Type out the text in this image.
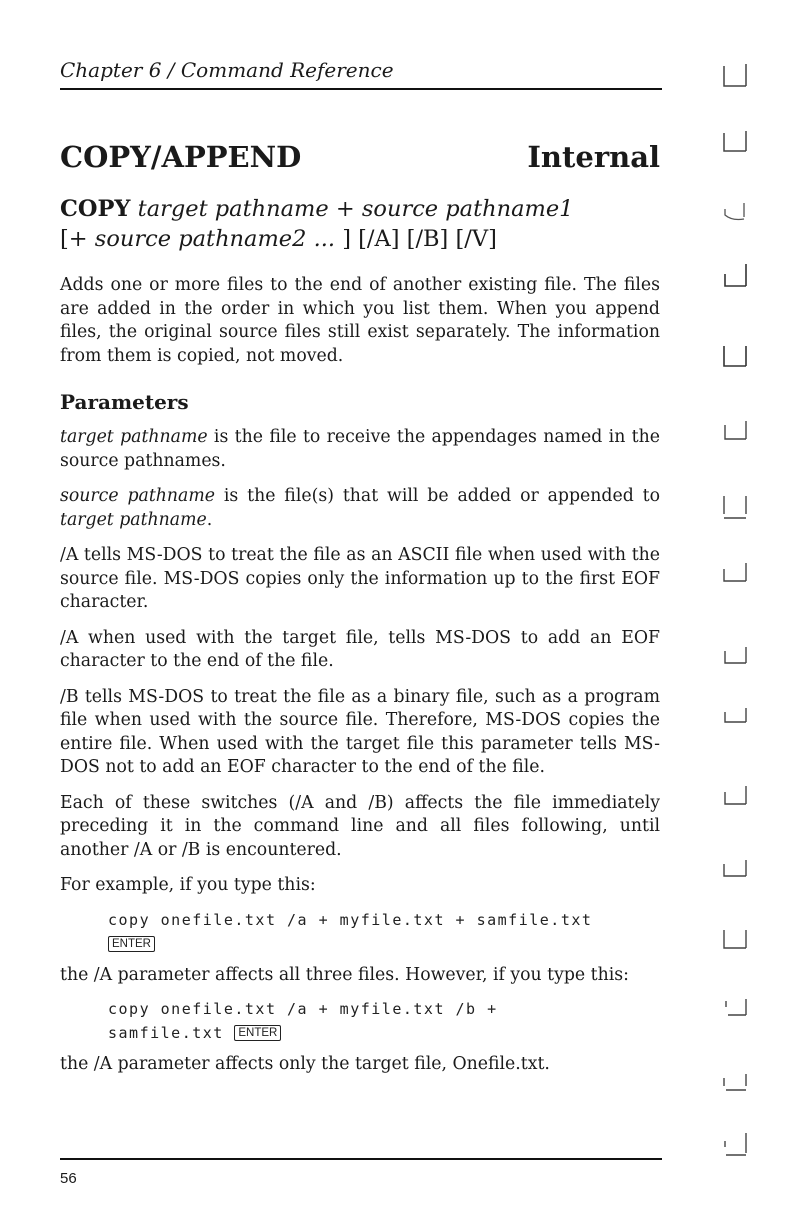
Chapter 6 / Command Reference
COPY/APPEND	Internal
COPY target pathname + source pathname1
[+ source pathname2 ... ] [/A] [/B] [/V]

Adds one or more files to the end of another existing file. The files are added in the order in which you list them. When you append files, the original source files still exist separately. The information from them is copied, not moved.

Parameters

target pathname is the file to receive the appendages named in the source pathnames.

source pathname is the file(s) that will be added or appended to target pathname.

/A tells MS-DOS to treat the file as an ASCII file when used with the source file. MS-DOS copies only the information up to the first EOF character.

/A when used with the target file, tells MS-DOS to add an EOF character to the end of the file.

/B tells MS-DOS to treat the file as a binary file, such as a program file when used with the source file. Therefore, MS-DOS copies the entire file. When used with the target file this parameter tells MS-DOS not to add an EOF character to the end of the file.

Each of these switches (/A and /B) affects the file immediately preceding it in the command line and all files following, until another /A or /B is encountered.

For example, if you type this:

copy onefile.txt /a + myfile.txt + samfile.txt
ENTER

the /A parameter affects all three files. However, if you type this:

copy onefile.txt /a + myfile.txt /b +
samfile.txt ENTER

the /A parameter affects only the target file, Onefile.txt.

56
